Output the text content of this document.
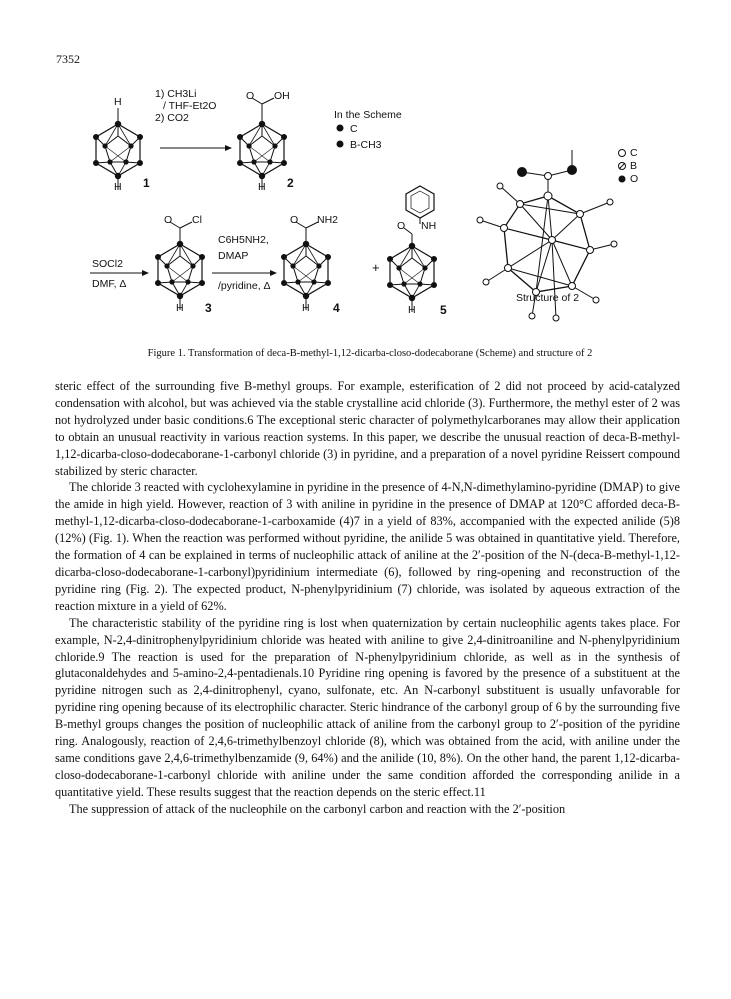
7352
H
H 1
1) CH3Li
/ THF-Et2O
2) CO2
O OH
H 2
In the Scheme
C
B-CH3
C
B
O
O Cl
H 3
SOCl2
DMF, Δ
C6H5NH2,
DMAP
/pyridine, Δ
O NH2
H 4
+
O NH
H 5
Structure of 2
Figure 1. Transformation of deca-B-methyl-1,12-dicarba-closo-dodecaborane (Scheme) and structure of 2

steric effect of the surrounding five B-methyl groups. For example, esterification of 2 did not proceed by acid-catalyzed condensation with alcohol, but was achieved via the stable crystalline acid chloride (3). Furthermore, the methyl ester of 2 was not hydrolyzed under basic conditions.6 The exceptional steric character of polymethylcarboranes may allow their application to obtain an unusual reactivity in various reaction systems. In this paper, we describe the unusual reaction of deca-B-methyl-1,12-dicarba-closo-dodecaborane-1-carbonyl chloride (3) in pyridine, and a preparation of a novel pyridine Reissert compound stabilized by steric character.

The chloride 3 reacted with cyclohexylamine in pyridine in the presence of 4-N,N-dimethylamino-pyridine (DMAP) to give the amide in high yield. However, reaction of 3 with aniline in pyridine in the presence of DMAP at 120°C afforded deca-B-methyl-1,12-dicarba-closo-dodecaborane-1-carboxamide (4)7 in a yield of 83%, accompanied with the expected anilide (5)8 (12%) (Fig. 1). When the reaction was performed without pyridine, the anilide 5 was obtained in quantitative yield. Therefore, the formation of 4 can be explained in terms of nucleophilic attack of aniline at the 2′-position of the N-(deca-B-methyl-1,12-dicarba-closo-dodecaborane-1-carbonyl)pyridinium intermediate (6), followed by ring-opening and reconstruction of the pyridine ring (Fig. 2). The expected product, N-phenylpyridinium (7) chloride, was isolated by aqueous extraction of the reaction mixture in a yield of 62%.

The characteristic stability of the pyridine ring is lost when quaternization by certain nucleophilic agents takes place. For example, N-2,4-dinitrophenylpyridinium chloride was heated with aniline to give 2,4-dinitroaniline and N-phenylpyridinium chloride.9 The reaction is used for the preparation of N-phenylpyridinium chloride, as well as in the synthesis of glutaconaldehydes and 5-amino-2,4-pentadienals.10 Pyridine ring opening is favored by the presence of a substituent at the pyridine nitrogen such as 2,4-dinitrophenyl, cyano, sulfonate, etc. An N-carbonyl substituent is usually unfavorable for pyridine ring opening because of its electrophilic character. Steric hindrance of the carbonyl group of 6 by the surrounding five B-methyl groups changes the position of nucleophilic attack of aniline from the carbonyl group to 2′-position of the pyridine ring. Analogously, reaction of 2,4,6-trimethylbenzoyl chloride (8), which was obtained from the acid, with aniline under the same conditions gave 2,4,6-trimethylbenzamide (9, 64%) and the anilide (10, 8%). On the other hand, the parent 1,12-dicarba-closo-dodecaborane-1-carbonyl chloride with aniline under the same condition afforded the corresponding anilide in a quantitative yield. These results suggest that the reaction depends on the steric effect.11

The suppression of attack of the nucleophile on the carbonyl carbon and reaction with the 2′-position
